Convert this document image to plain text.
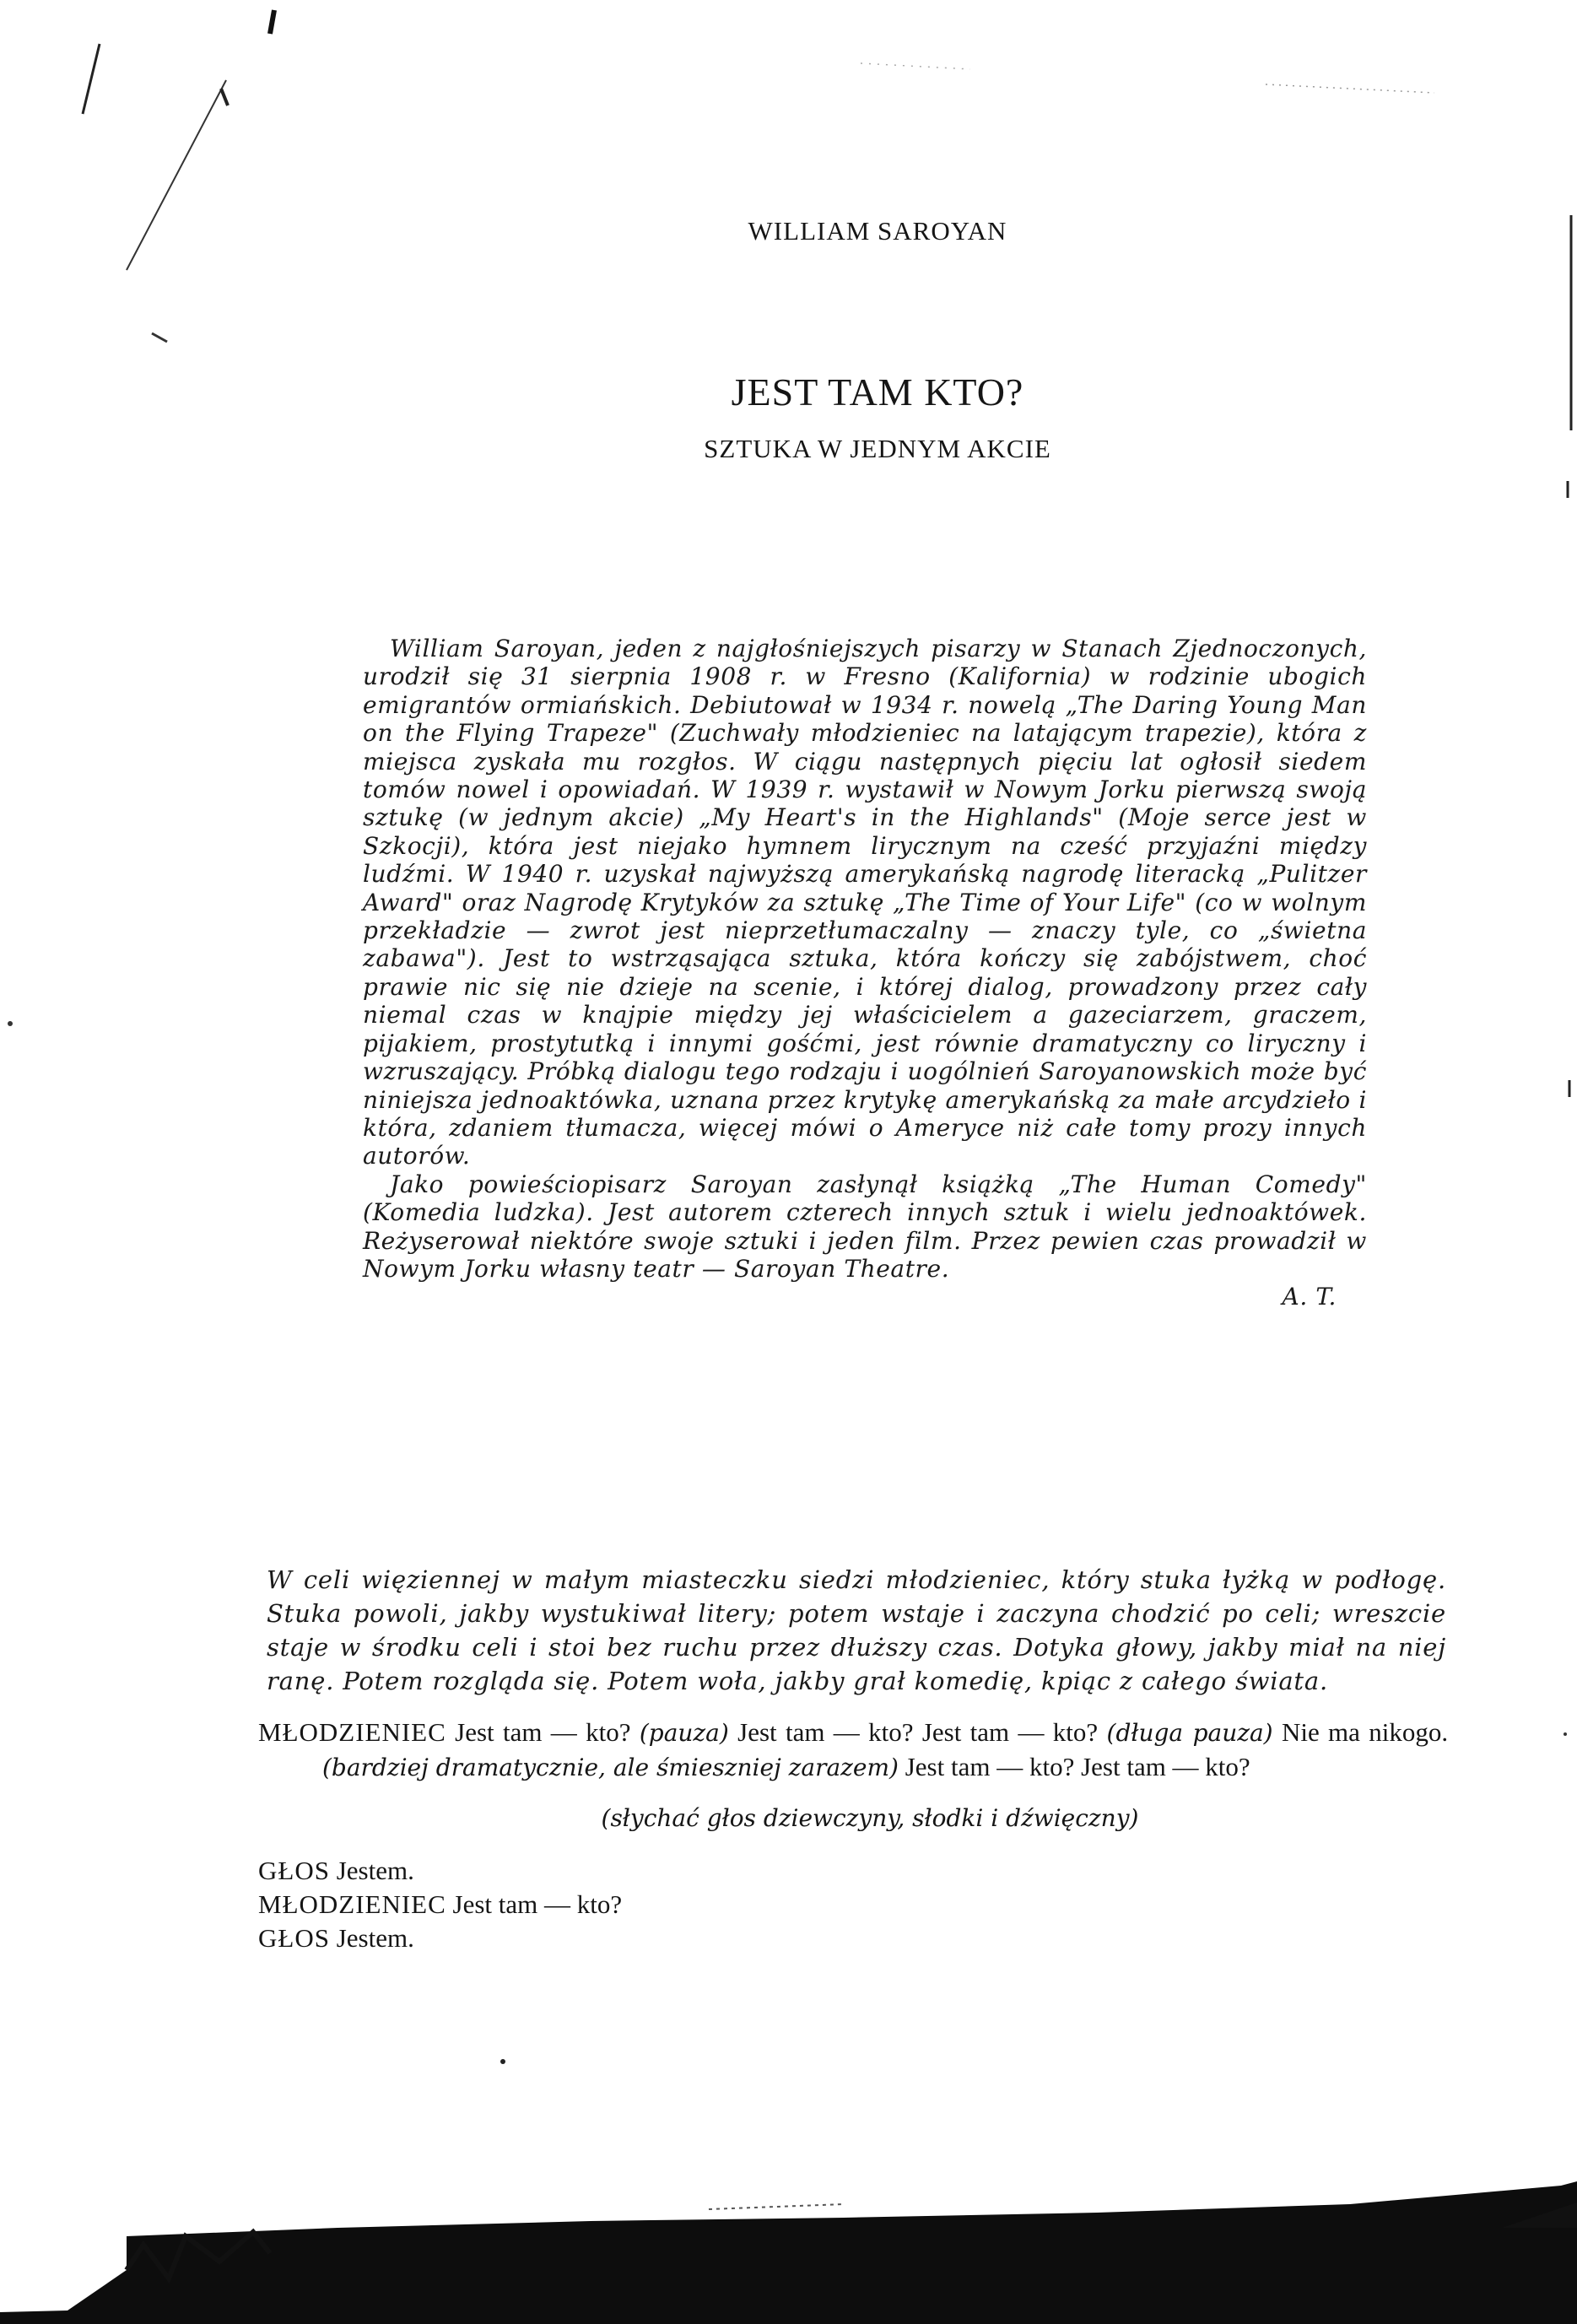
WILLIAM SAROYAN
JEST TAM KTO?
SZTUKA W JEDNYM AKCIE

William Saroyan, jeden z najgłośniejszych pisarzy w Stanach Zjednoczonych, urodził się 31 sierpnia 1908 r. w Fresno (Kalifornia) w rodzinie ubogich emigrantów ormiańskich. Debiutował w 1934 r. nowelą „The Daring Young Man on the Flying Trapeze" (Zuchwały młodzieniec na latającym trapezie), która z miejsca zyskała mu rozgłos. W ciągu następnych pięciu lat ogłosił siedem tomów nowel i opowiadań. W 1939 r. wystawił w Nowym Jorku pierwszą swoją sztukę (w jednym akcie) „My Heart's in the Highlands" (Moje serce jest w Szkocji), która jest niejako hymnem lirycznym na cześć przyjaźni między ludźmi. W 1940 r. uzyskał najwyższą amerykańską nagrodę literacką „Pulitzer Award" oraz Nagrodę Krytyków za sztukę „The Time of Your Life" (co w wolnym przekładzie — zwrot jest nieprzetłumaczalny — znaczy tyle, co „świetna zabawa"). Jest to wstrząsająca sztuka, która kończy się zabójstwem, choć prawie nic się nie dzieje na scenie, i której dialog, prowadzony przez cały niemal czas w knajpie między jej właścicielem a gazeciarzem, graczem, pijakiem, prostytutką i innymi gośćmi, jest równie dramatyczny co liryczny i wzruszający. Próbką dialogu tego rodzaju i uogólnień Saroyanowskich może być niniejsza jednoaktówka, uznana przez krytykę amerykańską za małe arcydzieło i która, zdaniem tłumacza, więcej mówi o Ameryce niż całe tomy prozy innych autorów.

Jako powieściopisarz Saroyan zasłynął książką „The Human Comedy" (Komedia ludzka). Jest autorem czterech innych sztuk i wielu jednoaktówek. Reżyserował niektóre swoje sztuki i jeden film. Przez pewien czas prowadził w Nowym Jorku własny teatr — Saroyan Theatre.

A. T.
W celi więziennej w małym miasteczku siedzi młodzieniec, który stuka łyżką w podłogę. Stuka powoli, jakby wystukiwał litery; potem wstaje i zaczyna chodzić po celi; wreszcie staje w środku celi i stoi bez ruchu przez dłuższy czas. Dotyka głowy, jakby miał na niej ranę. Potem rozgląda się. Potem woła, jakby grał komedię, kpiąc z całego świata.

MŁODZIENIEC Jest tam — kto? (pauza) Jest tam — kto? Jest tam — kto? (długa pauza) Nie ma nikogo. (bardziej dramatycznie, ale śmieszniej zarazem) Jest tam — kto? Jest tam — kto?

(słychać głos dziewczyny, słodki i dźwięczny)

GŁOS Jestem.

MŁODZIENIEC Jest tam — kto?

GŁOS Jestem.
